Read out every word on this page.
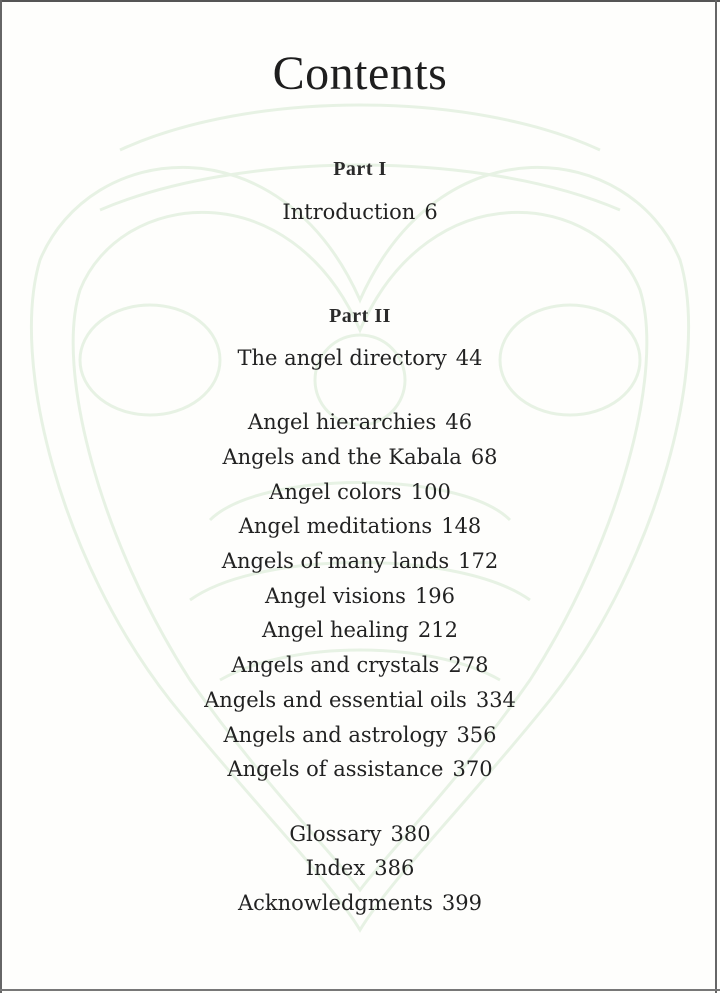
Contents
Part I
Introduction 6
Part II
The angel directory 44
Angel hierarchies 46
Angels and the Kabala 68
Angel colors 100
Angel meditations 148
Angels of many lands 172
Angel visions 196
Angel healing 212
Angels and crystals 278
Angels and essential oils 334
Angels and astrology 356
Angels of assistance 370
Glossary 380
Index 386
Acknowledgments 399
